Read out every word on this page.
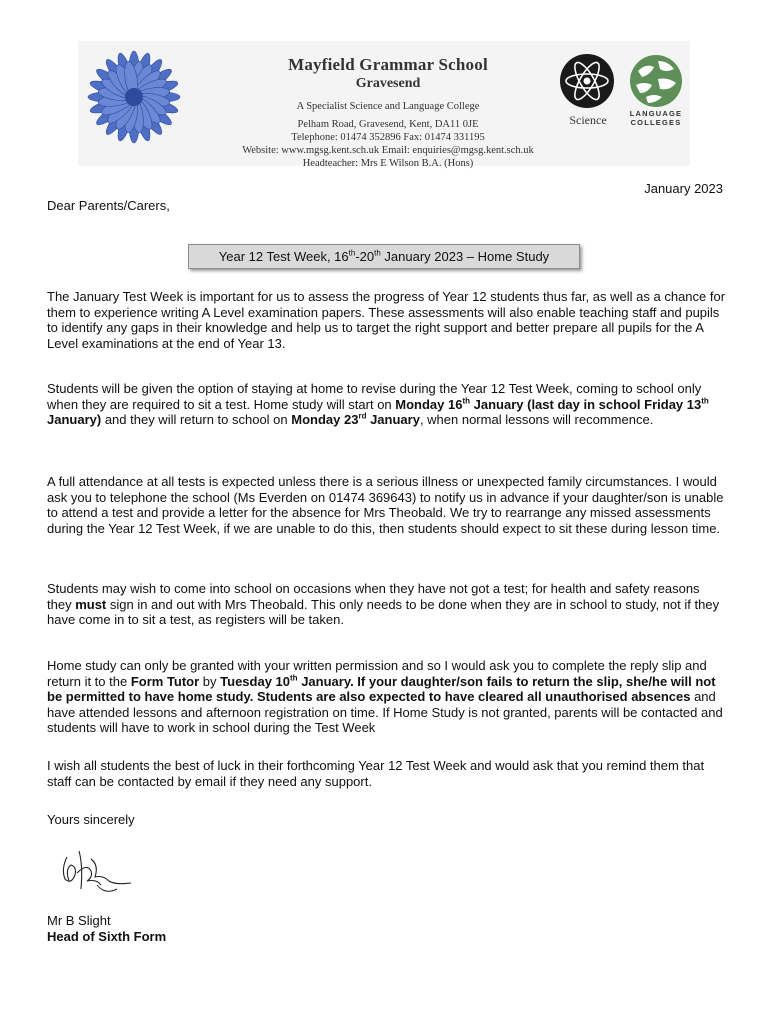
Mayfield Grammar School
Gravesend
A Specialist Science and Language College
Pelham Road, Gravesend, Kent, DA11 0JE
Telephone: 01474 352896 Fax: 01474 331195
Website: www.mgsg.kent.sch.uk Email: enquiries@mgsg.kent.sch.uk
Headteacher: Mrs E Wilson B.A. (Hons)
Science	LANGUAGE
COLLEGES
January 2023
Dear Parents/Carers,
Year 12 Test Week, 16th-20th January 2023 – Home Study

The January Test Week is important for us to assess the progress of Year 12 students thus far, as well as a chance for them to experience writing A Level examination papers. These assessments will also enable teaching staff and pupils to identify any gaps in their knowledge and help us to target the right support and better prepare all pupils for the A Level examinations at the end of Year 13.

Students will be given the option of staying at home to revise during the Year 12 Test Week, coming to school only when they are required to sit a test. Home study will start on Monday 16th January (last day in school Friday 13th January) and they will return to school on Monday 23rd January, when normal lessons will recommence.

A full attendance at all tests is expected unless there is a serious illness or unexpected family circumstances. I would ask you to telephone the school (Ms Everden on 01474 369643) to notify us in advance if your daughter/son is unable to attend a test and provide a letter for the absence for Mrs Theobald. We try to rearrange any missed assessments during the Year 12 Test Week, if we are unable to do this, then students should expect to sit these during lesson time.

Students may wish to come into school on occasions when they have not got a test; for health and safety reasons they must sign in and out with Mrs Theobald. This only needs to be done when they are in school to study, not if they have come in to sit a test, as registers will be taken.

Home study can only be granted with your written permission and so I would ask you to complete the reply slip and return it to the Form Tutor by Tuesday 10th January. If your daughter/son fails to return the slip, she/he will not be permitted to have home study. Students are also expected to have cleared all unauthorised absences and have attended lessons and afternoon registration on time. If Home Study is not granted, parents will be contacted and students will have to work in school during the Test Week

I wish all students the best of luck in their forthcoming Year 12 Test Week and would ask that you remind them that staff can be contacted by email if they need any support.

Yours sincerely
Mr B Slight
Head of Sixth Form
